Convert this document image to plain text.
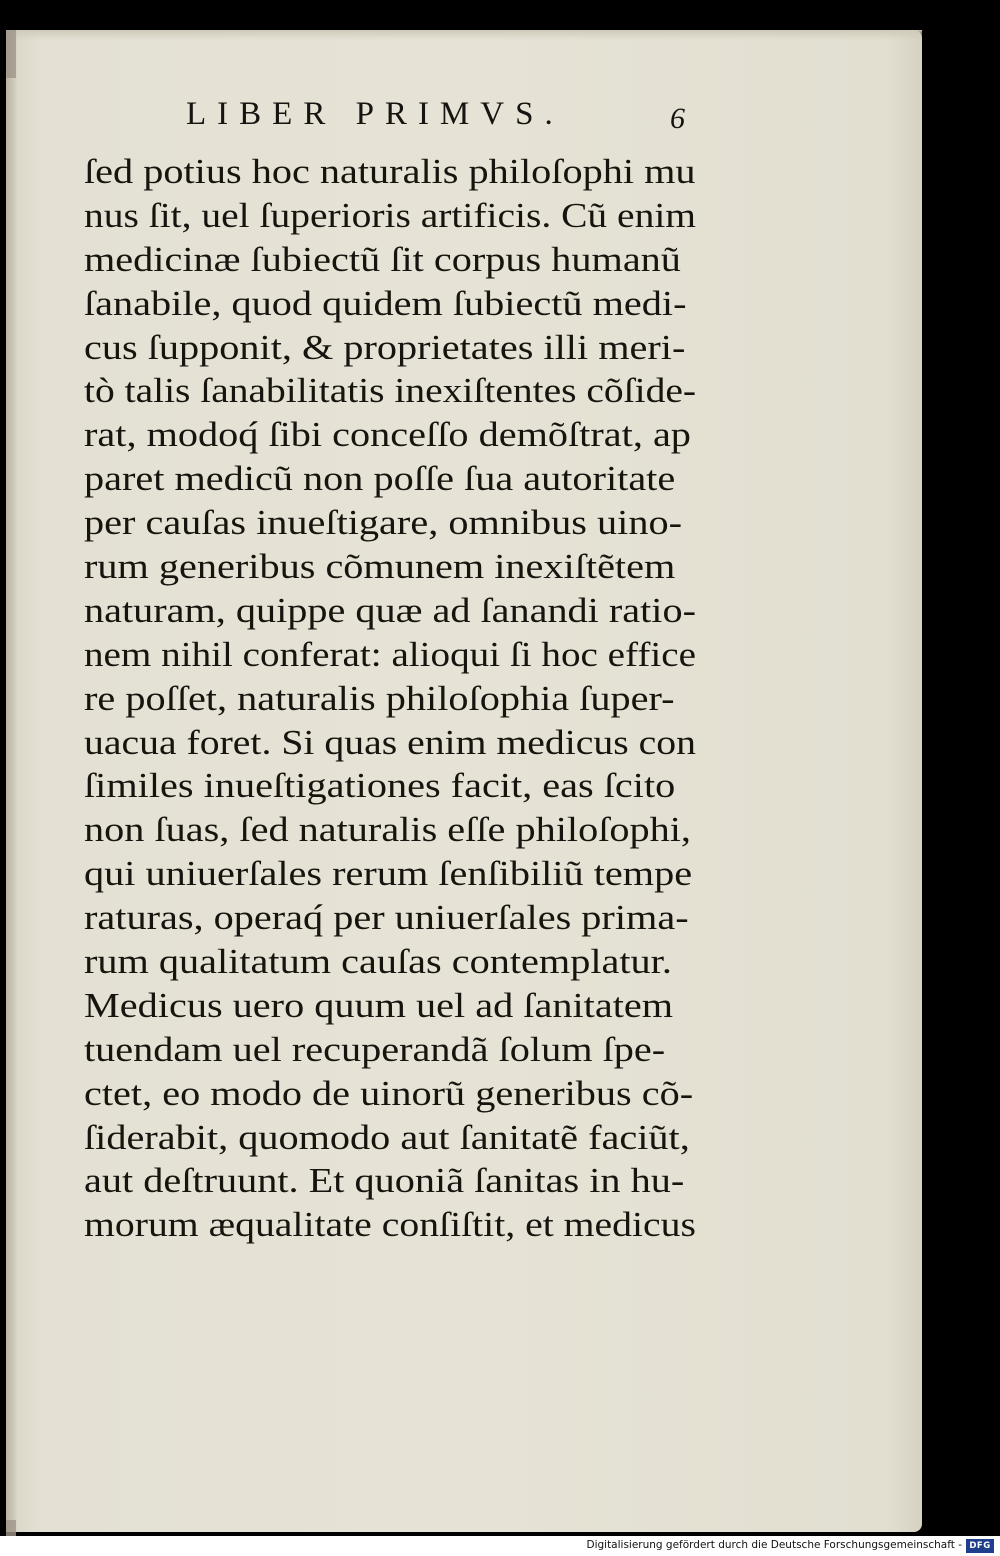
LIBER PRIMVS.	6
ſed potius hoc naturalis philoſophi mu
nus ſit, uel ſuperioris artificis. Cũ enim
medicinæ ſubiectũ ſit corpus humanũ
ſanabile, quod quidem ſubiectũ medi-
cus ſupponit, & proprietates illi meri-
tò talis ſanabilitatis inexiſtentes cõſide-
rat, modoq́ ſibi conceſſo demõſtrat, ap
paret medicũ non poſſe ſua autoritate
per cauſas inueſtigare, omnibus uino-
rum generibus cõmunem inexiſtẽtem
naturam, quippe quæ ad ſanandi ratio-
nem nihil conferat: alioqui ſi hoc effice
re poſſet, naturalis philoſophia ſuper-
uacua foret. Si quas enim medicus con
ſimiles inueſtigationes facit, eas ſcito
non ſuas, ſed naturalis eſſe philoſophi,
qui uniuerſales rerum ſenſibiliũ tempe
raturas, operaq́ per uniuerſales prima-
rum qualitatum cauſas contemplatur.
Medicus uero quum uel ad ſanitatem
tuendam uel recuperandã ſolum ſpe-
ctet, eo modo de uinorũ generibus cõ-
ſiderabit, quomodo aut ſanitatẽ faciũt,
aut deſtruunt. Et quoniã ſanitas in hu-
morum æqualitate conſiſtit, et medicus
Digitalisierung gefördert durch die Deutsche Forschungsgemeinschaft - DFG
